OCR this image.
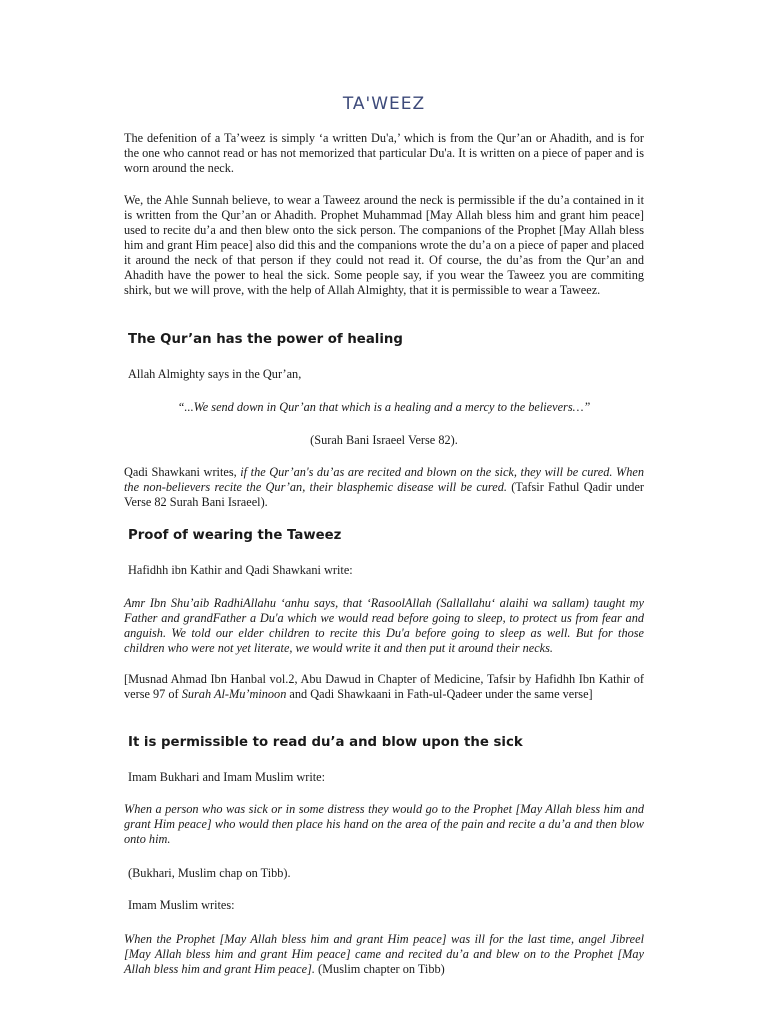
TA'WEEZ

The defenition of a Ta’weez is simply ‘a written Du'a,’ which is from the Qur’an or Ahadith, and is for the one who cannot read or has not memorized that particular Du'a. It is written on a piece of paper and is worn around the neck.

We, the Ahle Sunnah believe, to wear a Taweez around the neck is permissible if the du’a contained in it is written from the Qur’an or Ahadith. Prophet Muhammad [May Allah bless him and grant him peace] used to recite du’a and then blew onto the sick person. The companions of the Prophet [May Allah bless him and grant Him peace] also did this and the companions wrote the du’a on a piece of paper and placed it around the neck of that person if they could not read it. Of course, the du’as from the Qur’an and Ahadith have the power to heal the sick. Some people say, if you wear the Taweez you are commiting shirk, but we will prove, with the help of Allah Almighty, that it is permissible to wear a Taweez.

The Qur’an has the power of healing

Allah Almighty says in the Qur’an,

“...We send down in Qur’an that which is a healing and a mercy to the believers…”

(Surah Bani Israeel Verse 82).

Qadi Shawkani writes, if the Qur’an's du’as are recited and blown on the sick, they will be cured. When the non-believers recite the Qur’an, their blasphemic disease will be cured. (Tafsir Fathul Qadir under Verse 82 Surah Bani Israeel).

Proof of wearing the Taweez

Hafidhh ibn Kathir and Qadi Shawkani write:

Amr Ibn Shu’aib RadhiAllahu ‘anhu says, that ‘RasoolAllah (Sallallahu‘ alaihi wa sallam) taught my Father and grandFather a Du'a which we would read before going to sleep, to protect us from fear and anguish. We told our elder children to recite this Du'a before going to sleep as well. But for those children who were not yet literate, we would write it and then put it around their necks.

[Musnad Ahmad Ibn Hanbal vol.2, Abu Dawud in Chapter of Medicine, Tafsir by Hafidhh Ibn Kathir of verse 97 of Surah Al-Mu’minoon and Qadi Shawkaani in Fath-ul-Qadeer under the same verse]

It is permissible to read du’a and blow upon the sick

Imam Bukhari and Imam Muslim write:

When a person who was sick or in some distress they would go to the Prophet [May Allah bless him and grant Him peace] who would then place his hand on the area of the pain and recite a du’a and then blow onto him.

(Bukhari, Muslim chap on Tibb).

Imam Muslim writes:

When the Prophet [May Allah bless him and grant Him peace] was ill for the last time, angel Jibreel [May Allah bless him and grant Him peace] came and recited du’a and blew on to the Prophet [May Allah bless him and grant Him peace]. (Muslim chapter on Tibb)
